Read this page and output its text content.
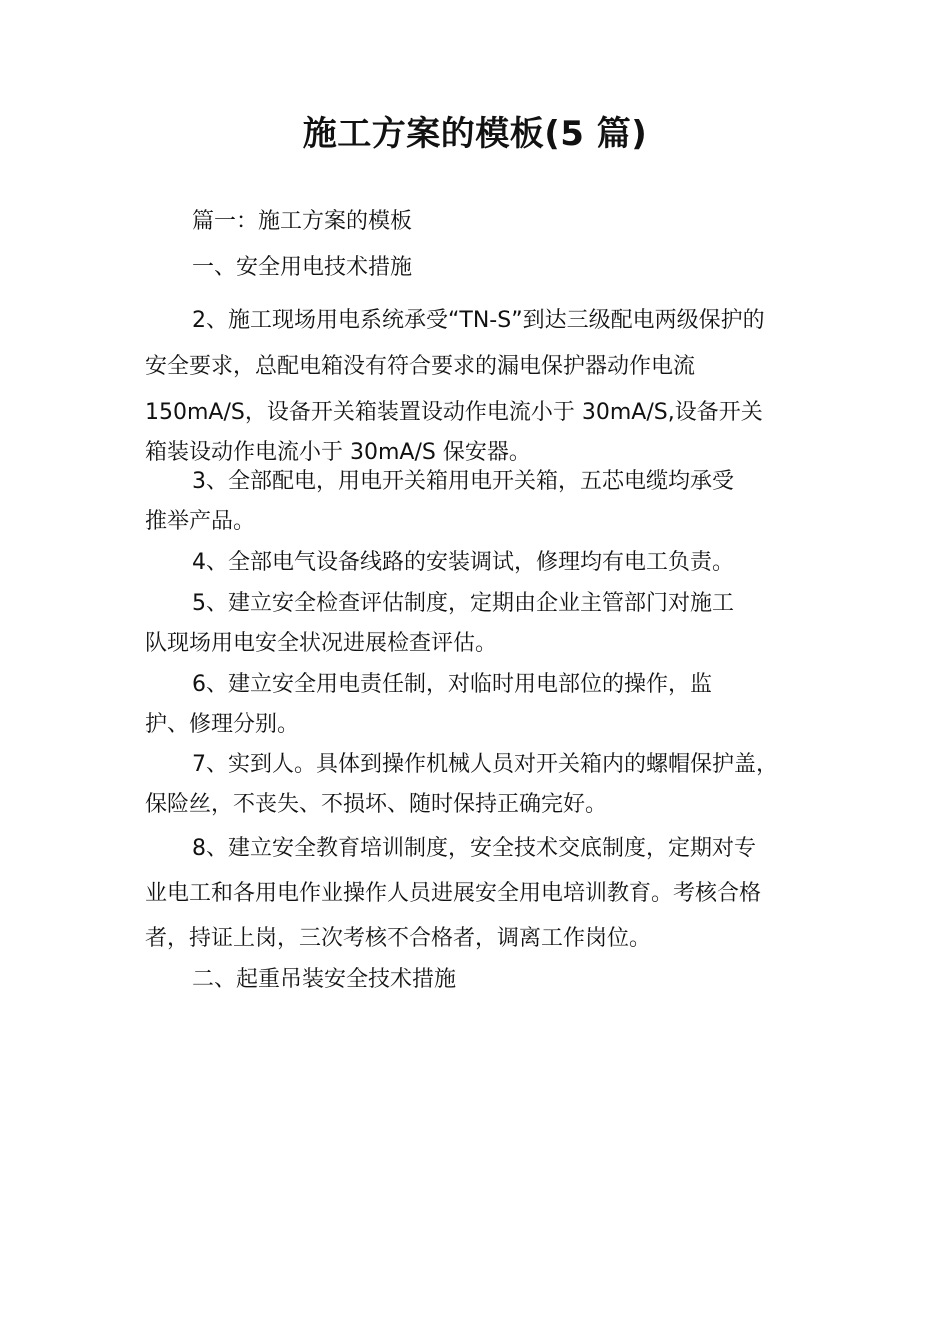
施工方案的模板(5 篇)

篇一：施工方案的模板

一、安全用电技术措施

2、施工现场用电系统承受“TN-S”到达三级配电两级保护的
安全要求，总配电箱没有符合要求的漏电保护器动作电流
150mA/S，设备开关箱装置设动作电流小于 30mA/S,设备开关
箱装设动作电流小于 30mA/S 保安器。

3、全部配电，用电开关箱用电开关箱，五芯电缆均承受
推举产品。

4、全部电气设备线路的安装调试，修理均有电工负责。

5、建立安全检查评估制度，定期由企业主管部门对施工
队现场用电安全状况进展检查评估。

6、建立安全用电责任制，对临时用电部位的操作，监
护、修理分别。

7、实到人。具体到操作机械人员对开关箱内的螺帽保护盖，
保险丝，不丧失、不损坏、随时保持正确完好。

8、建立安全教育培训制度，安全技术交底制度，定期对专
业电工和各用电作业操作人员进展安全用电培训教育。考核合格
者，持证上岗，三次考核不合格者，调离工作岗位。

二、起重吊装安全技术措施
